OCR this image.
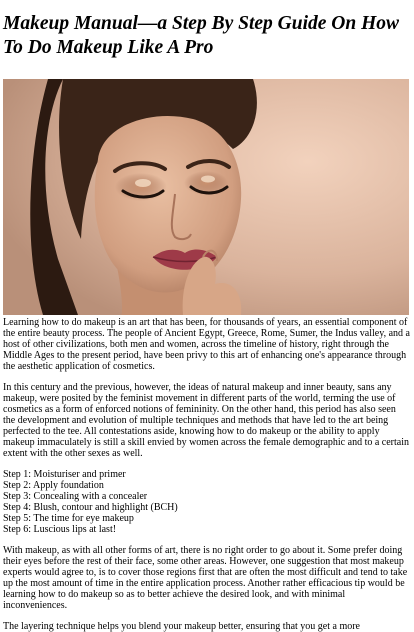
Makeup Manual—a Step By Step Guide On How To Do Makeup Like A Pro

Learning how to do makeup is an art that has been, for thousands of years, an essential component of the entire beauty process. The people of Ancient Egypt, Greece, Rome, Sumer, the Indus valley, and a host of other civilizations, both men and women, across the timeline of history, right through the Middle Ages to the present period, have been privy to this art of enhancing one's appearance through the aesthetic application of cosmetics.

In this century and the previous, however, the ideas of natural makeup and inner beauty, sans any makeup, were posited by the feminist movement in different parts of the world, terming the use of cosmetics as a form of enforced notions of femininity. On the other hand, this period has also seen the development and evolution of multiple techniques and methods that have led to the art being perfected to the tee. All contestations aside, knowing how to do makeup or the ability to apply makeup immaculately is still a skill envied by women across the female demographic and to a certain extent with the other sexes as well.

Step 1: Moisturiser and primer
Step 2: Apply foundation
Step 3: Concealing with a concealer
Step 4: Blush, contour and highlight (BCH)
Step 5: The time for eye makeup
Step 6: Luscious lips at last!

With makeup, as with all other forms of art, there is no right order to go about it. Some prefer doing their eyes before the rest of their face, some other areas. However, one suggestion that most makeup experts would agree to, is to cover those regions first that are often the most difficult and tend to take up the most amount of time in the entire application process. Another rather efficacious tip would be learning how to do makeup so as to better achieve the desired look, and with minimal inconveniences.

The layering technique helps you blend your makeup better, ensuring that you get a more
